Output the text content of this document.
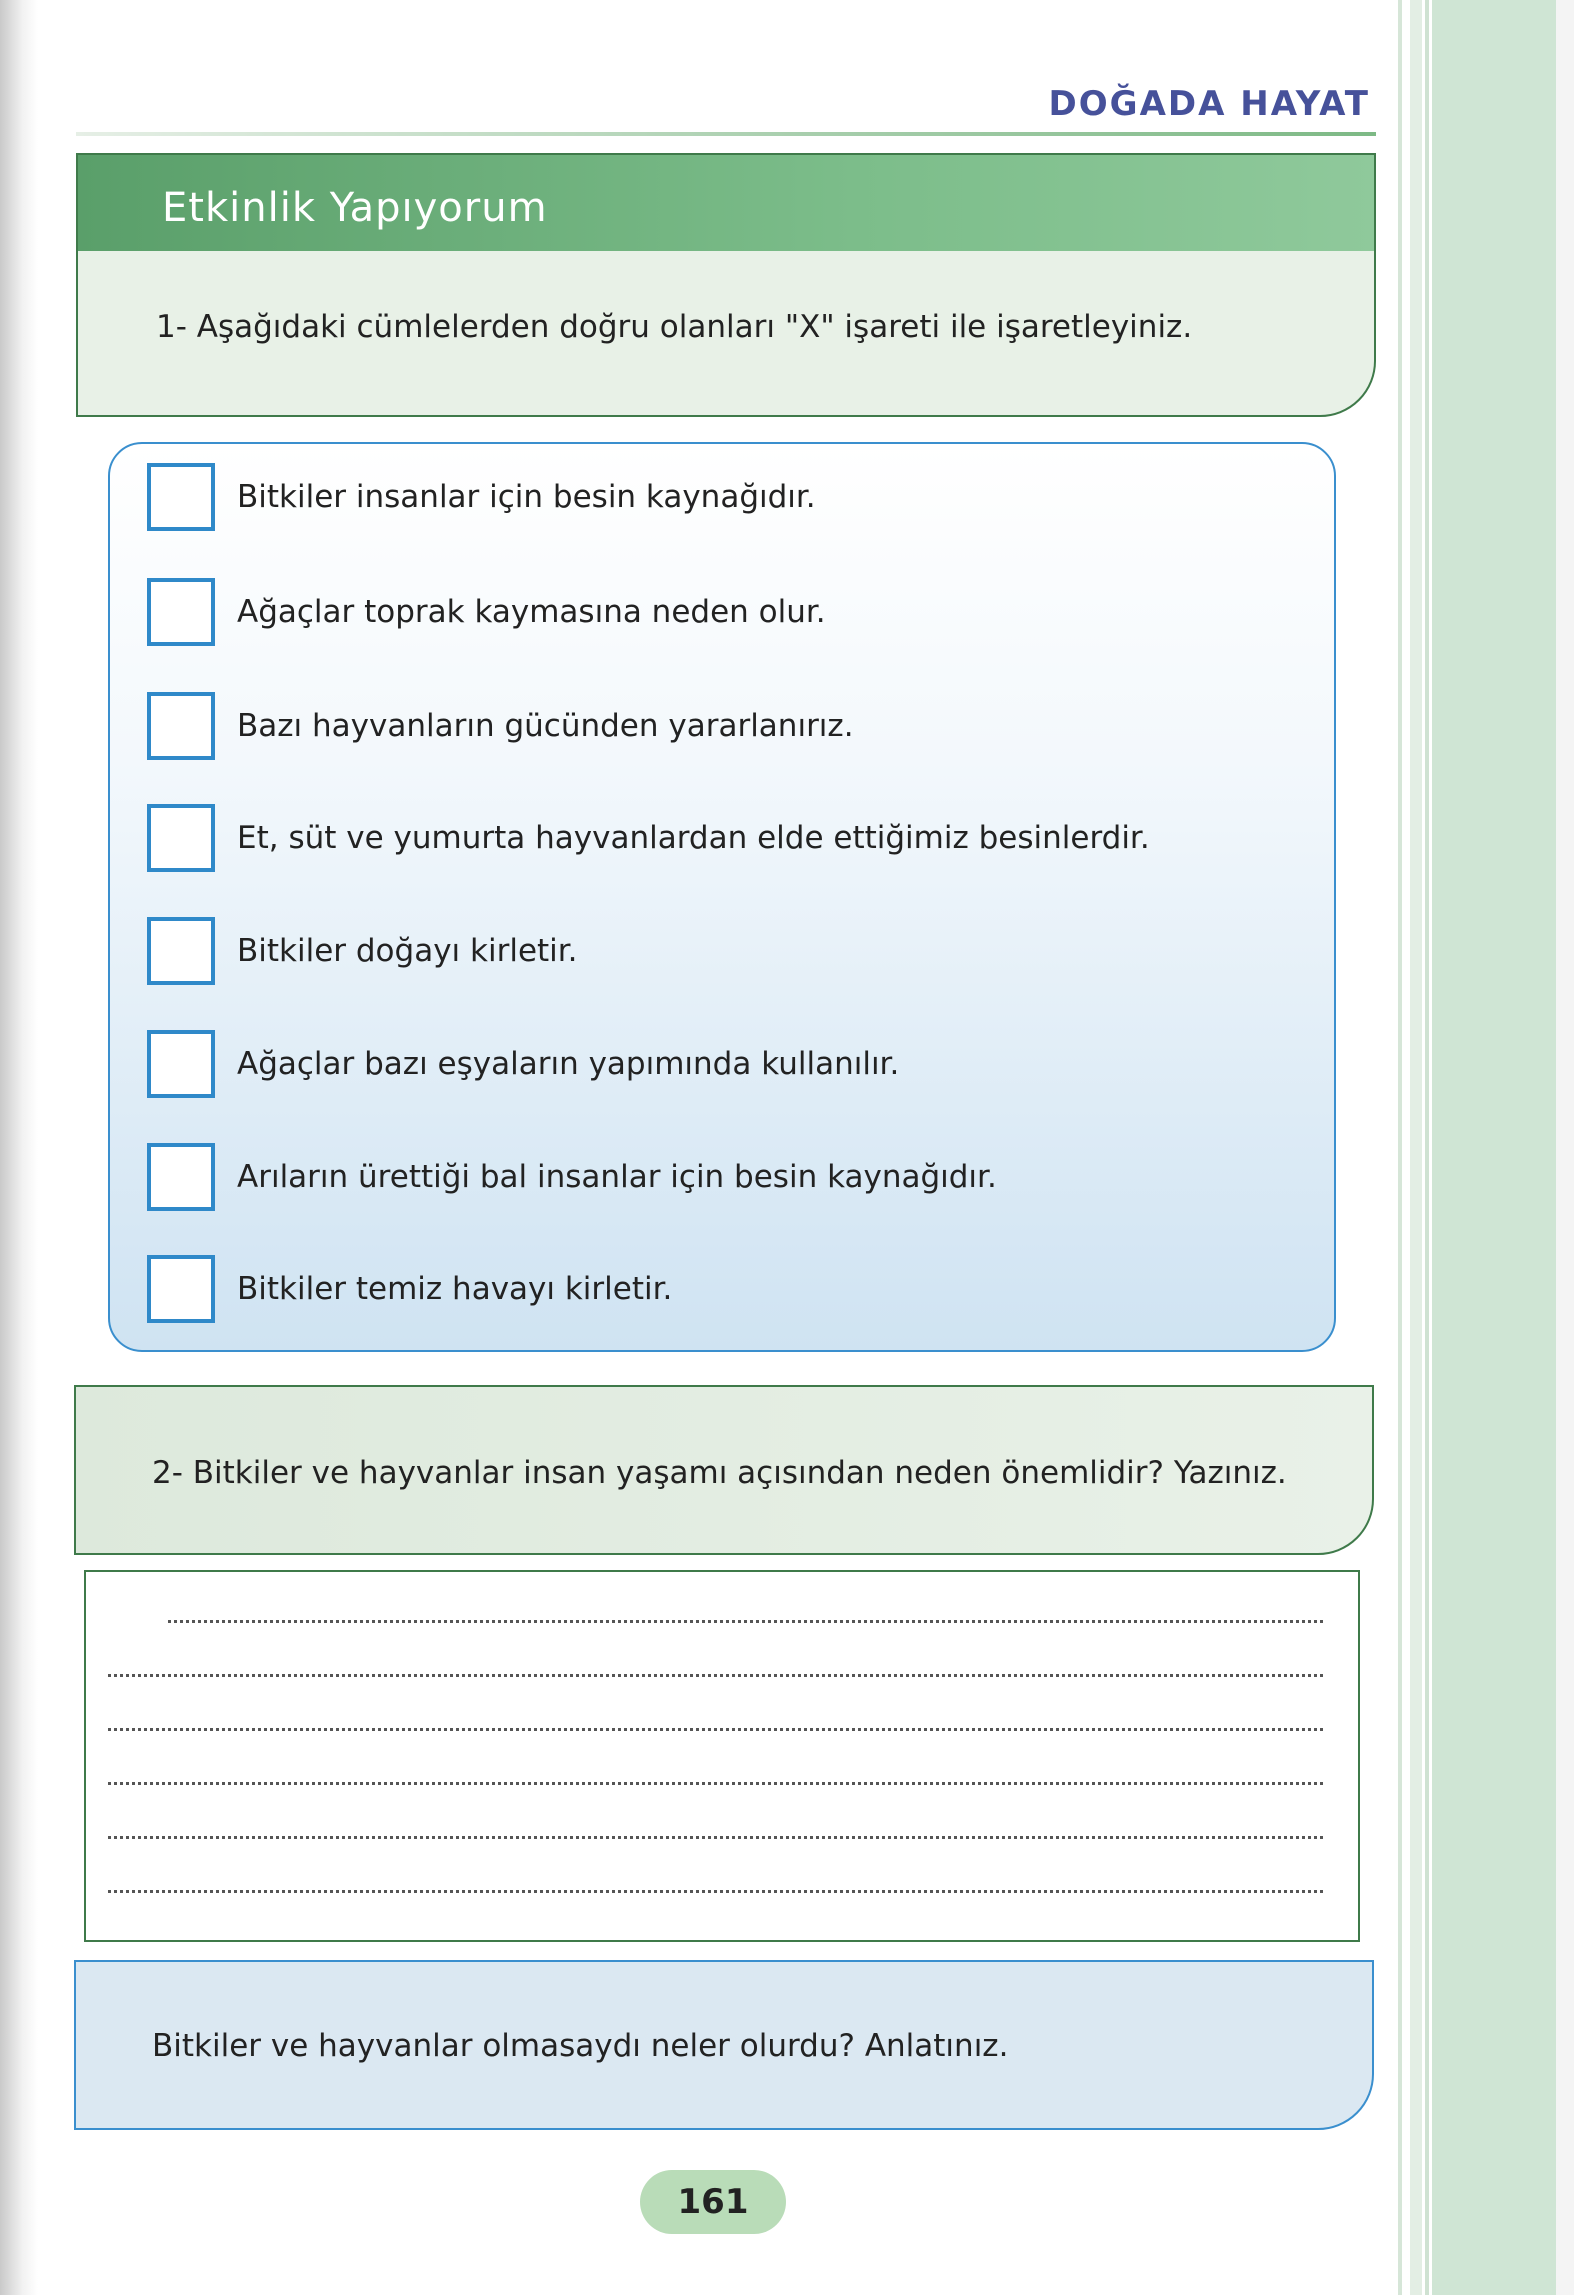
DOĞADA HAYAT
Etkinlik Yapıyorum
1- Aşağıdaki cümlelerden doğru olanları "X" işareti ile işaretleyiniz.
Bitkiler insanlar için besin kaynağıdır.
Ağaçlar toprak kaymasına neden olur.
Bazı hayvanların gücünden yararlanırız.
Et, süt ve yumurta hayvanlardan elde ettiğimiz besinlerdir.
Bitkiler doğayı kirletir.
Ağaçlar bazı eşyaların yapımında kullanılır.
Arıların ürettiği bal insanlar için besin kaynağıdır.
Bitkiler temiz havayı kirletir.
2- Bitkiler ve hayvanlar insan yaşamı açısından neden önemlidir? Yazınız.
Bitkiler ve hayvanlar olmasaydı neler olurdu? Anlatınız.
161
